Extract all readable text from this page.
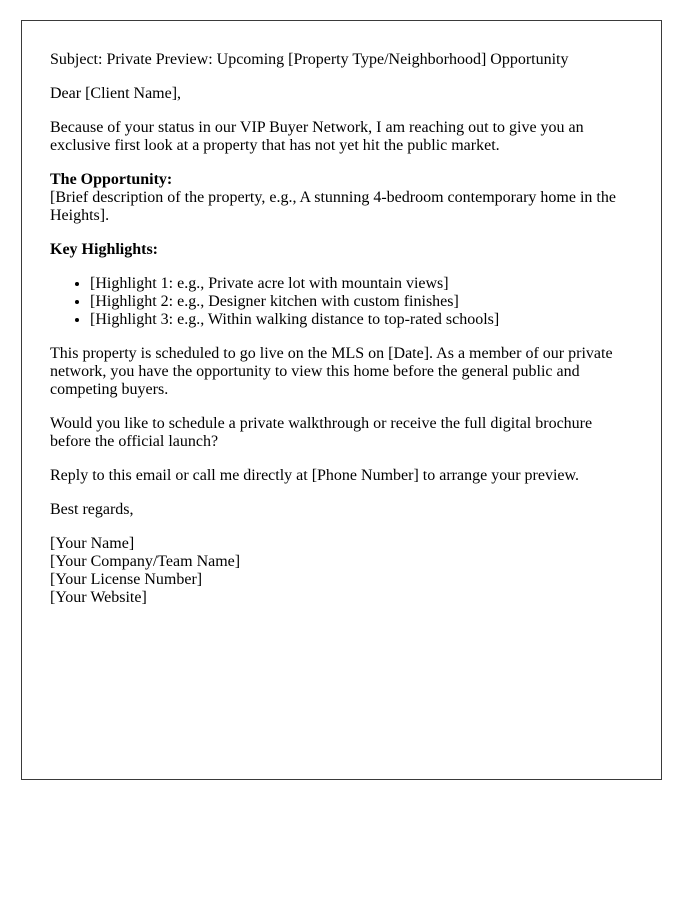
Subject: Private Preview: Upcoming [Property Type/Neighborhood] Opportunity

Dear [Client Name],

Because of your status in our VIP Buyer Network, I am reaching out to give you an exclusive first look at a property that has not yet hit the public market.

The Opportunity:
[Brief description of the property, e.g., A stunning 4-bedroom contemporary home in the Heights].

Key Highlights:

• [Highlight 1: e.g., Private acre lot with mountain views]
• [Highlight 2: e.g., Designer kitchen with custom finishes]
• [Highlight 3: e.g., Within walking distance to top-rated schools]

This property is scheduled to go live on the MLS on [Date]. As a member of our private network, you have the opportunity to view this home before the general public and competing buyers.

Would you like to schedule a private walkthrough or receive the full digital brochure before the official launch?

Reply to this email or call me directly at [Phone Number] to arrange your preview.

Best regards,

[Your Name]
[Your Company/Team Name]
[Your License Number]
[Your Website]
